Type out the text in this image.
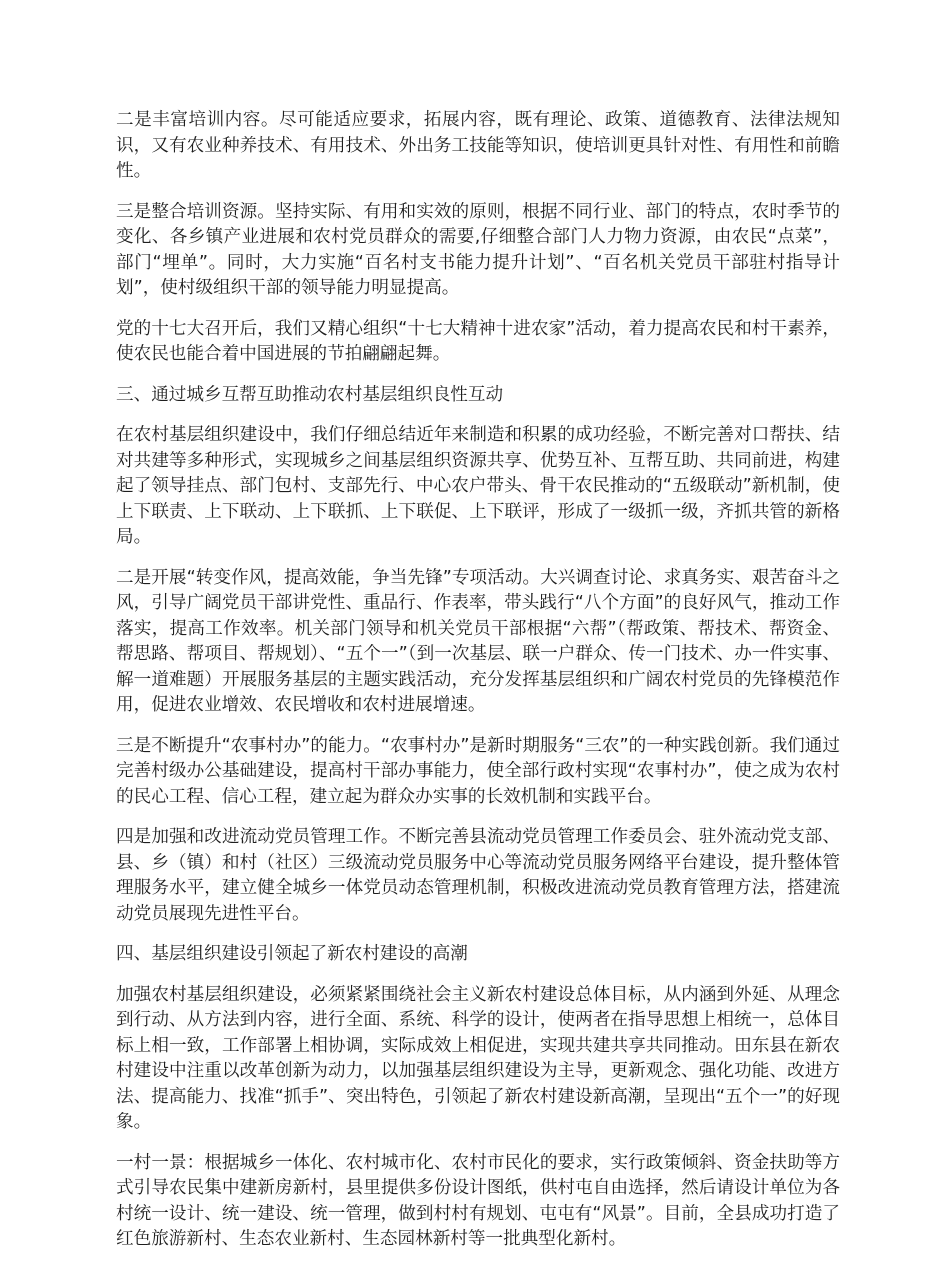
二是丰富培训内容。尽可能适应要求，拓展内容，既有理论、政策、道德教育、法律法规知识，又有农业种养技术、有用技术、外出务工技能等知识，使培训更具针对性、有用性和前瞻性。

三是整合培训资源。坚持实际、有用和实效的原则，根据不同行业、部门的特点，农时季节的变化、各乡镇产业进展和农村党员群众的需要,仔细整合部门人力物力资源，由农民“点菜”，部门“埋单”。同时，大力实施“百名村支书能力提升计划”、“百名机关党员干部驻村指导计划”，使村级组织干部的领导能力明显提高。

党的十七大召开后，我们又精心组织“十七大精神十进农家”活动，着力提高农民和村干素养，使农民也能合着中国进展的节拍翩翩起舞。

三、通过城乡互帮互助推动农村基层组织良性互动

在农村基层组织建设中，我们仔细总结近年来制造和积累的成功经验，不断完善对口帮扶、结对共建等多种形式，实现城乡之间基层组织资源共享、优势互补、互帮互助、共同前进，构建起了领导挂点、部门包村、支部先行、中心农户带头、骨干农民推动的“五级联动”新机制，使上下联责、上下联动、上下联抓、上下联促、上下联评，形成了一级抓一级，齐抓共管的新格局。

二是开展“转变作风，提高效能，争当先锋”专项活动。大兴调查讨论、求真务实、艰苦奋斗之风，引导广阔党员干部讲党性、重品行、作表率，带头践行“八个方面”的良好风气，推动工作落实，提高工作效率。机关部门领导和机关党员干部根据“六帮”（帮政策、帮技术、帮资金、帮思路、帮项目、帮规划）、“五个一”（到一次基层、联一户群众、传一门技术、办一件实事、解一道难题）开展服务基层的主题实践活动，充分发挥基层组织和广阔农村党员的先锋模范作用，促进农业增效、农民增收和农村进展增速。

三是不断提升“农事村办”的能力。“农事村办”是新时期服务“三农”的一种实践创新。我们通过完善村级办公基础建设，提高村干部办事能力，使全部行政村实现“农事村办”，使之成为农村的民心工程、信心工程，建立起为群众办实事的长效机制和实践平台。

四是加强和改进流动党员管理工作。不断完善县流动党员管理工作委员会、驻外流动党支部、县、乡（镇）和村（社区）三级流动党员服务中心等流动党员服务网络平台建设，提升整体管理服务水平，建立健全城乡一体党员动态管理机制，积极改进流动党员教育管理方法，搭建流动党员展现先进性平台。

四、基层组织建设引领起了新农村建设的高潮

加强农村基层组织建设，必须紧紧围绕社会主义新农村建设总体目标，从内涵到外延、从理念到行动、从方法到内容，进行全面、系统、科学的设计，使两者在指导思想上相统一，总体目标上相一致，工作部署上相协调，实际成效上相促进，实现共建共享共同推动。田东县在新农村建设中注重以改革创新为动力，以加强基层组织建设为主导，更新观念、强化功能、改进方法、提高能力、找准“抓手”、突出特色，引领起了新农村建设新高潮，呈现出“五个一”的好现象。

一村一景：根据城乡一体化、农村城市化、农村市民化的要求，实行政策倾斜、资金扶助等方式引导农民集中建新房新村，县里提供多份设计图纸，供村屯自由选择，然后请设计单位为各村统一设计、统一建设、统一管理，做到村村有规划、屯屯有“风景”。目前，全县成功打造了红色旅游新村、生态农业新村、生态园林新村等一批典型化新村。
